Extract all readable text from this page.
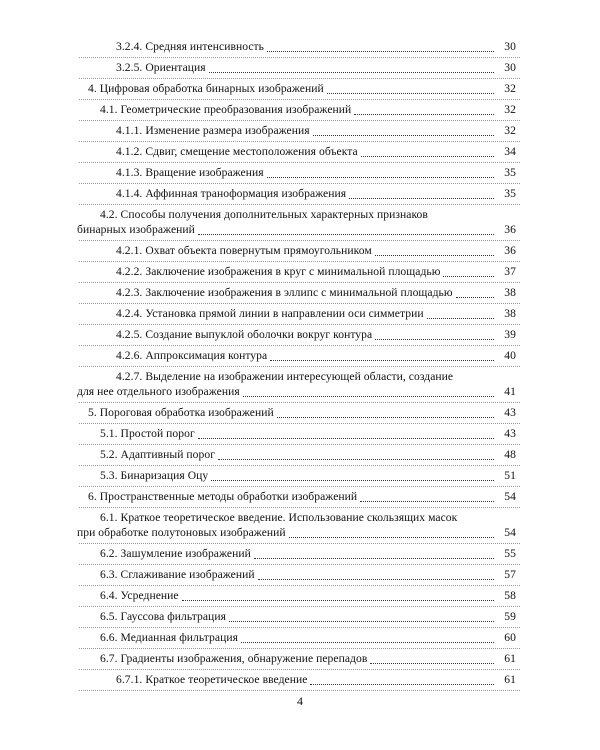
3.2.4. Средняя интенсивность	30
3.2.5. Ориентация	30
4. Цифровая обработка бинарных изображений	32
4.1. Геометрические преобразования изображений	32
4.1.1. Изменение размера изображения	32
4.1.2. Сдвиг, смещение местоположения объекта	34
4.1.3. Вращение изображения	35
4.1.4. Аффинная траноформация изображения	35
4.2. Способы получения дополнительных характерных признаков
бинарных изображений	36
4.2.1. Охват объекта повернутым прямоугольником	36
4.2.2. Заключение изображения в круг с минимальной площадью	37
4.2.3. Заключение изображения в эллипс с минимальной площадью	38
4.2.4. Установка прямой линии в направлении оси симметрии	38
4.2.5. Создание выпуклой оболочки вокруг контура	39
4.2.6. Аппроксимация контура	40
4.2.7. Выделение на изображении интересующей области, создание
для нее отдельного изображения	41
5. Пороговая обработка изображений	43
5.1. Простой порог	43
5.2. Адаптивный порог	48
5.3. Бинаризация Оцу	51
6. Пространственные методы обработки изображений	54
6.1. Краткое теоретическое введение. Использование скользящих масок
при обработке полутоновых изображений	54
6.2. Зашумление изображений	55
6.3. Сглаживание изображений	57
6.4. Усреднение	58
6.5. Гауссова фильтрация	59
6.6. Медианная фильтрация	60
6.7. Градиенты изображения, обнаружение перепадов	61
6.7.1. Краткое теоретическое введение	61
4
